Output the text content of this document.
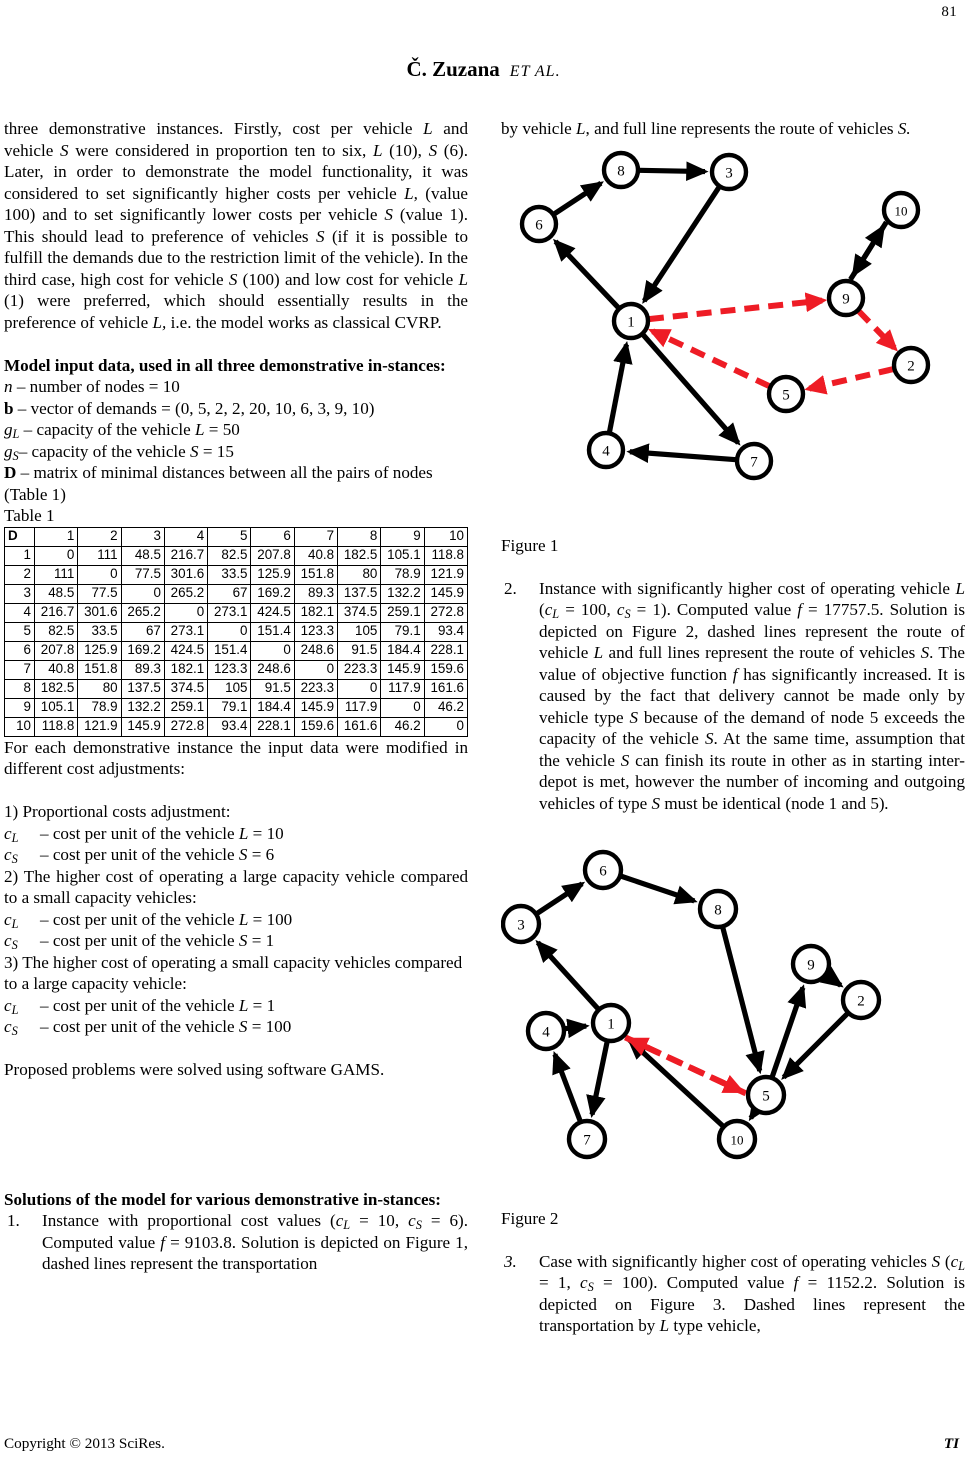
81
Č. Zuzana ET AL.

three demonstrative instances. Firstly, cost per vehicle L and vehicle S were considered in proportion ten to six, L (10), S (6). Later, in order to demonstrate the model functionality, it was considered to set significantly higher costs per vehicle L, (value 100) and to set significantly lower costs per vehicle S (value 1). This should lead to preference of vehicles S (if it is possible to fulfill the demands due to the restriction limit of the vehicle). In the third case, high cost for vehicle S (100) and low cost for vehicle L (1) were preferred, which should essentially results in the preference of vehicle L, i.e. the model works as classical CVRP.

Model input data, used in all three demonstrative in-stances:

n – number of nodes = 10

b – vector of demands = (0, 5, 2, 2, 20, 10, 6, 3, 9, 10)

$g_L$ – capacity of the vehicle L = 50

$g_S-$ capacity of the vehicle S = 15

D – matrix of minimal distances between all the pairs of nodes (Table 1)

Table 1

D	1	2	3	4	5	6	7	8	9	10
1	0	111	48.5	216.7	82.5	207.8	40.8	182.5	105.1	118.8
2	111	0	77.5	301.6	33.5	125.9	151.8	80	78.9	121.9
3	48.5	77.5	0	265.2	67	169.2	89.3	137.5	132.2	145.9
4	216.7	301.6	265.2	0	273.1	424.5	182.1	374.5	259.1	272.8
5	82.5	33.5	67	273.1	0	151.4	123.3	105	79.1	93.4
6	207.8	125.9	169.2	424.5	151.4	0	248.6	91.5	184.4	228.1
7	40.8	151.8	89.3	182.1	123.3	248.6	0	223.3	145.9	159.6
8	182.5	80	137.5	374.5	105	91.5	223.3	0	117.9	161.6
9	105.1	78.9	132.2	259.1	79.1	184.4	145.9	117.9	0	46.2
10	118.8	121.9	145.9	272.8	93.4	228.1	159.6	161.6	46.2	0

For each demonstrative instance the input data were modified in different cost adjustments:

1) Proportional costs adjustment:

$c_L$ – cost per unit of the vehicle L = 10

$c_S$ – cost per unit of the vehicle S = 6

2) The higher cost of operating a large capacity vehicle compared to a small capacity vehicles:

$c_L$ – cost per unit of the vehicle L = 100

$c_S$ – cost per unit of the vehicle S = 1

3) The higher cost of operating a small capacity vehicles compared to a large capacity vehicle:

$c_L$ – cost per unit of the vehicle L = 1

$c_S$ – cost per unit of the vehicle S = 100

Proposed problems were solved using software GAMS.

Solutions of the model for various demonstrative in-stances:

1.	Instance with proportional cost values ($c_L = 10$, $c_S = 6$). Computed value f = 9103.8. Solution is depicted on Figure 1, dashed lines represent the transportation

by vehicle L, and full line represents the route of vehicles S.

8	3
6
10
9
1
2
5
4
7

Figure 1

2.	Instance with significantly higher cost of operating vehicle L ($c_L = 100$, $c_S = 1$). Computed value f = 17757.5. Solution is depicted on Figure 2, dashed lines represent the route of vehicle L and full lines represent the route of vehicles S. The value of objective function f has significantly increased. It is caused by the fact that delivery cannot be made only by vehicle type S because of the demand of node 5 exceeds the capacity of the vehicle S. At the same time, assumption that the vehicle S can finish its route in other as in starting inter-depot is met, however the number of incoming and outgoing vehicles of type S must be identical (node 1 and 5).
6
8
3
9
2
1
4
5
7	10

Figure 2

3.	Case with significantly higher cost of operating vehicles S ($c_L = 1$, $c_S = 100$). Computed value f = 1152.2. Solution is depicted on Figure 3. Dashed lines represent the transportation by L type vehicle,
Copyright © 2013 SciRes.	TI
